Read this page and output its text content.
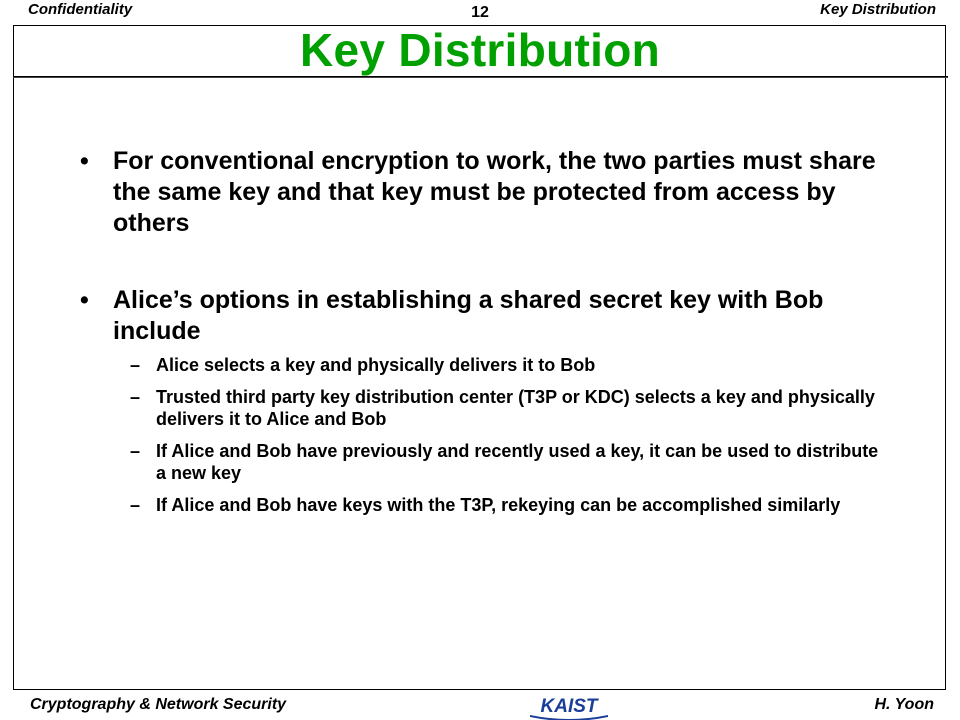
Confidentiality	12	Key Distribution
Key Distribution
• For conventional encryption to work, the two parties must share the same key and that key must be protected from access by others
• Alice’s options in establishing a shared secret key with Bob include
– Alice selects a key and physically delivers it to Bob
– Trusted third party key distribution center (T3P or KDC) selects a key and physically delivers it to Alice and Bob
– If Alice and Bob have previously and recently used a key, it can be used to distribute a new key
– If Alice and Bob have keys with the T3P, rekeying can be accomplished similarly
Cryptography & Network Security	KAIST	H. Yoon
